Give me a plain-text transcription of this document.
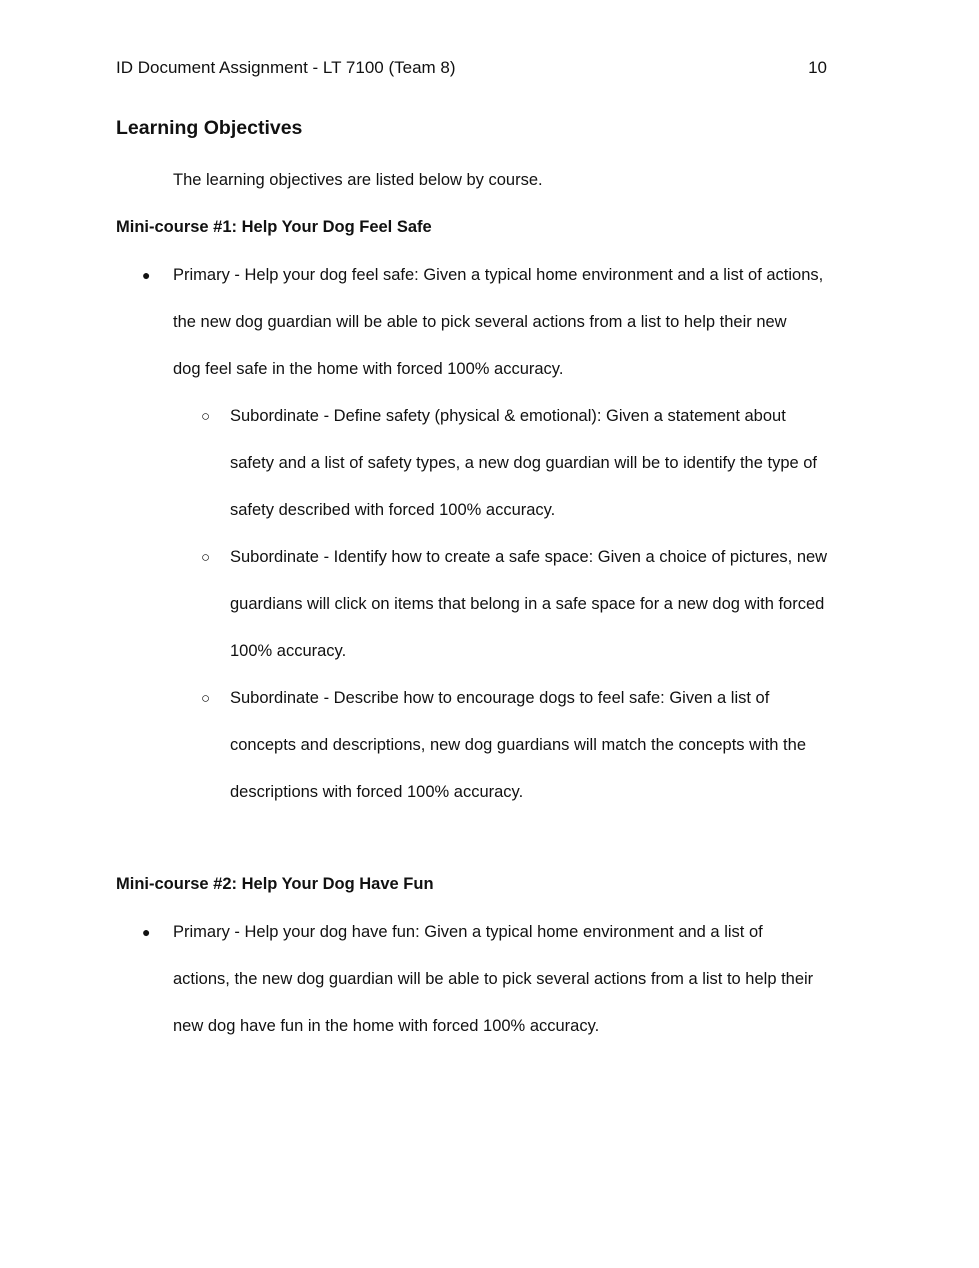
ID Document Assignment - LT 7100 (Team 8)	10
Learning Objectives
The learning objectives are listed below by course.
Mini-course #1: Help Your Dog Feel Safe
● Primary - Help your dog feel safe: Given a typical home environment and a list of actions,
the new dog guardian will be able to pick several actions from a list to help their new
dog feel safe in the home with forced 100% accuracy.
○ Subordinate - Define safety (physical & emotional): Given a statement about
safety and a list of safety types, a new dog guardian will be to identify the type of
safety described with forced 100% accuracy.
○ Subordinate - Identify how to create a safe space: Given a choice of pictures, new
guardians will click on items that belong in a safe space for a new dog with forced
100% accuracy.
○ Subordinate - Describe how to encourage dogs to feel safe: Given a list of
concepts and descriptions, new dog guardians will match the concepts with the
descriptions with forced 100% accuracy.
Mini-course #2: Help Your Dog Have Fun
● Primary - Help your dog have fun: Given a typical home environment and a list of
actions, the new dog guardian will be able to pick several actions from a list to help their
new dog have fun in the home with forced 100% accuracy.
